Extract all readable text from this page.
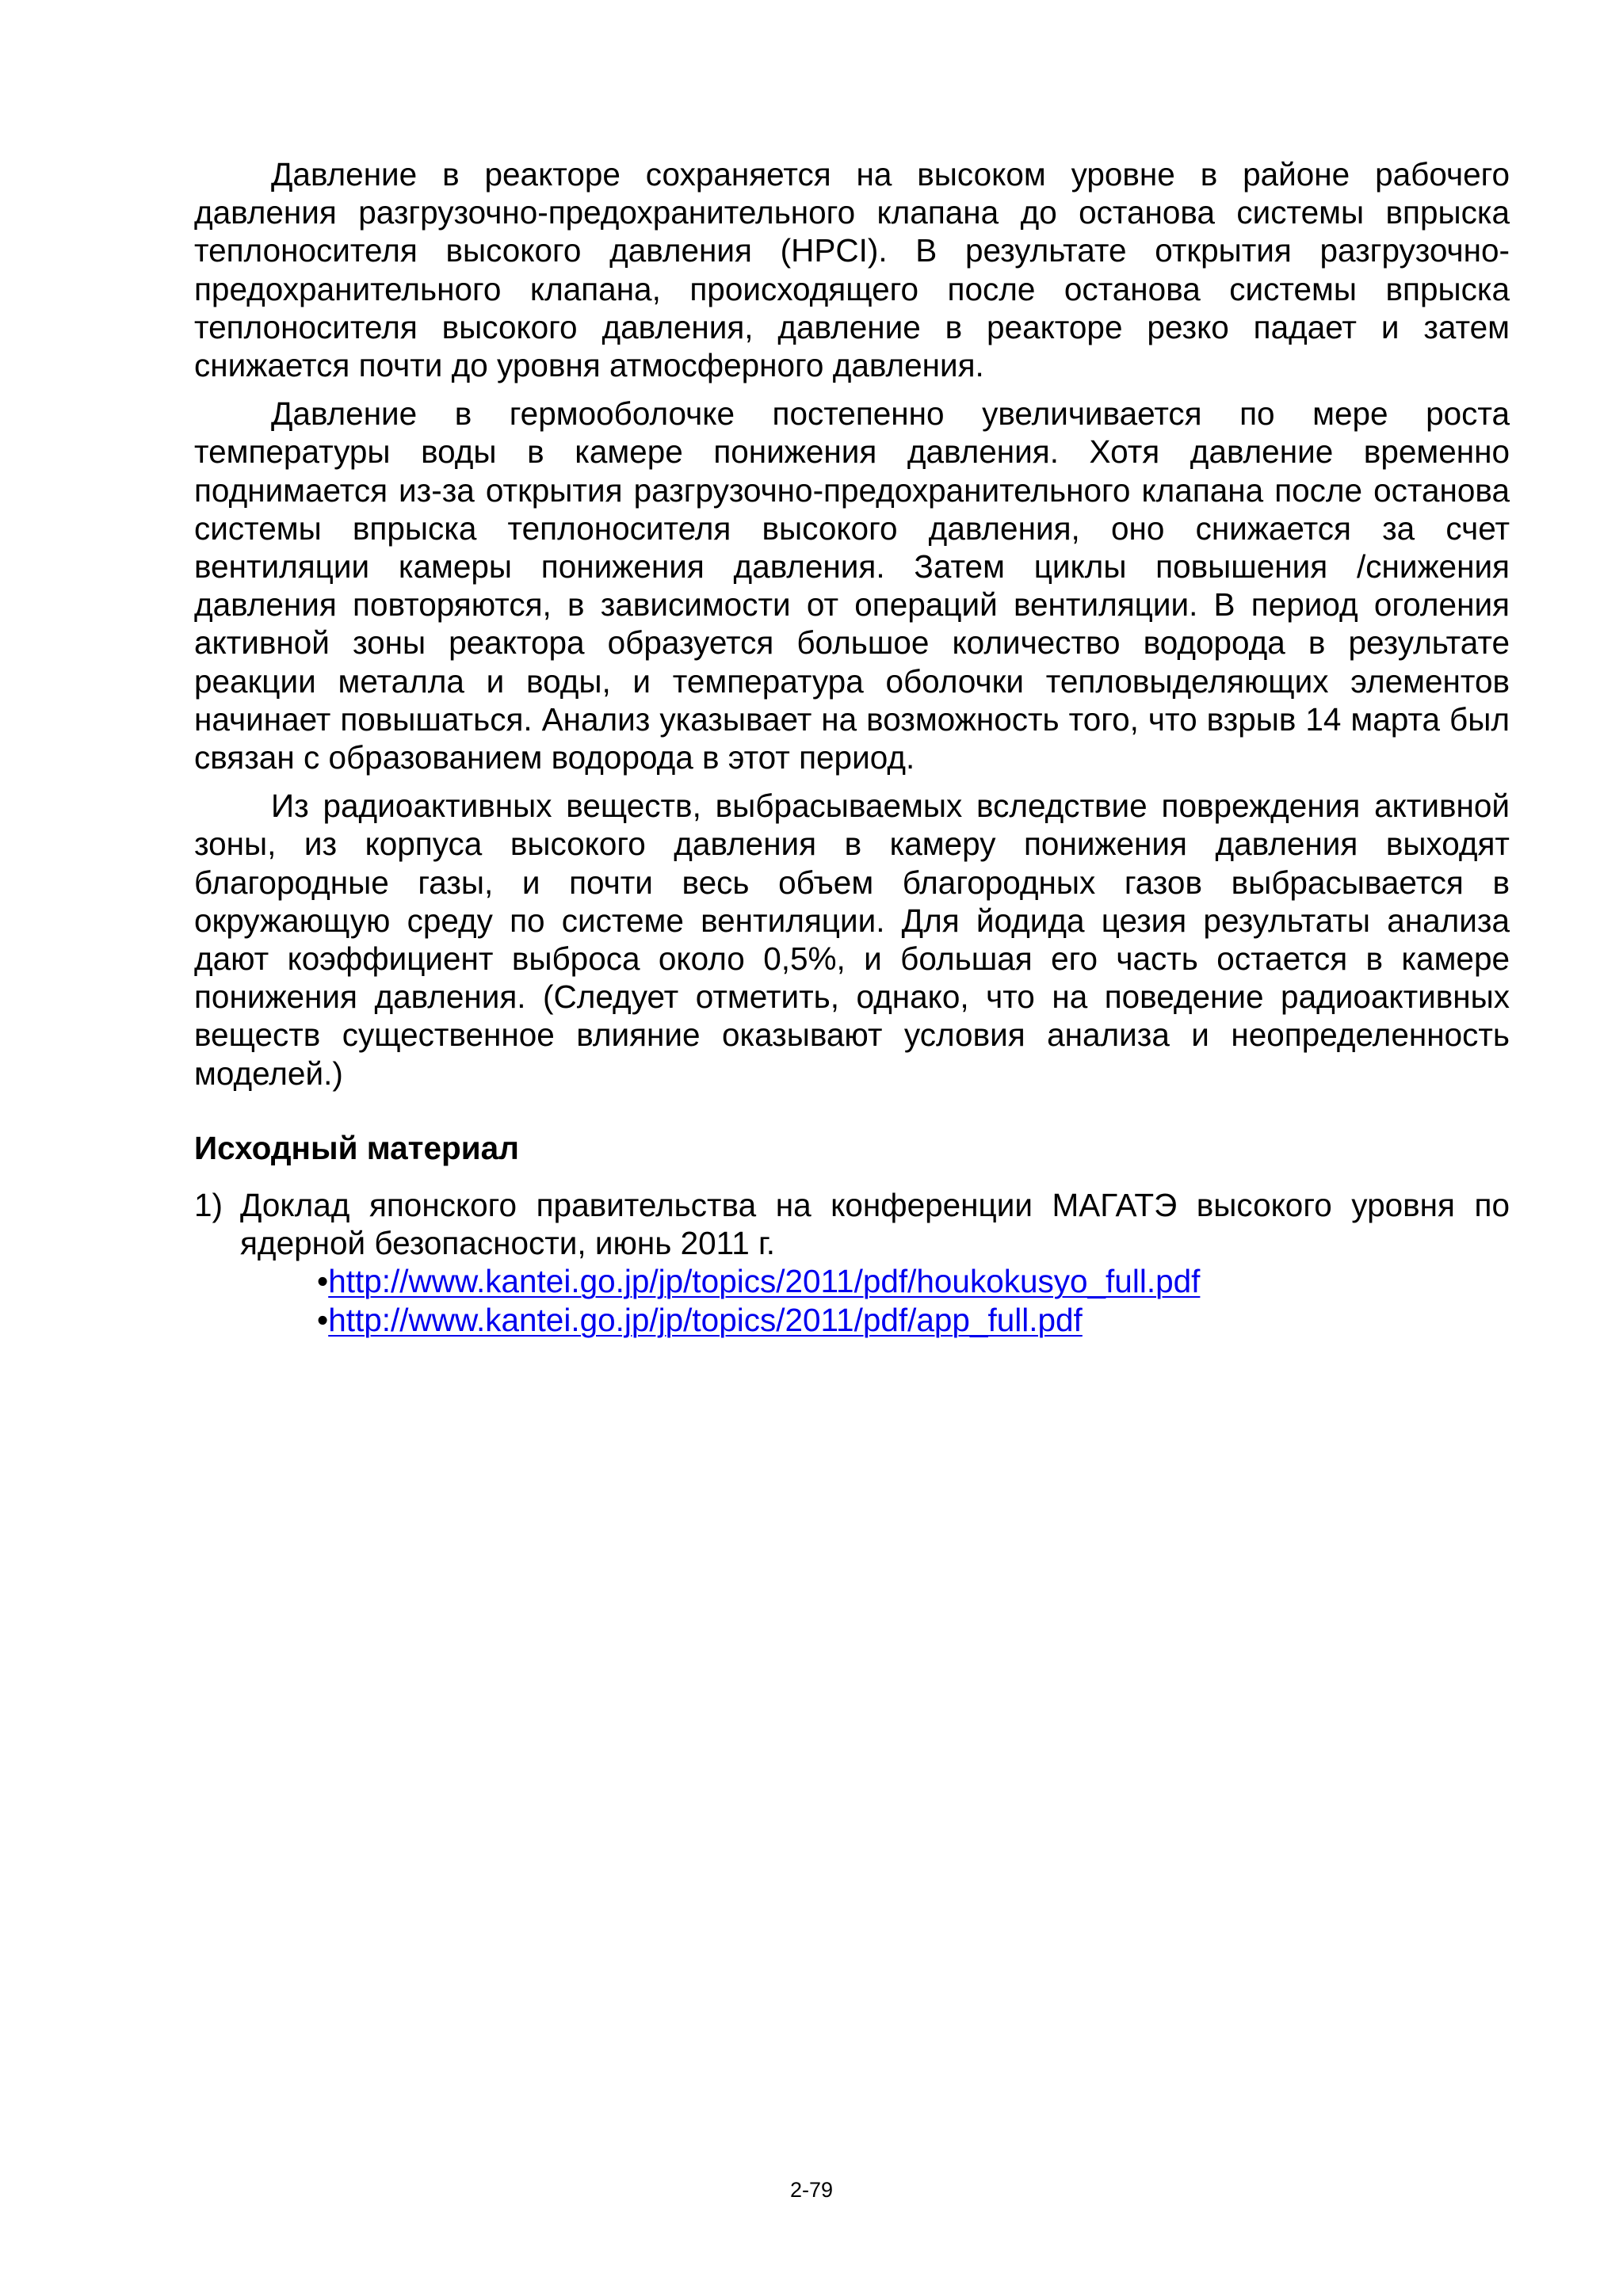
Давление в реакторе сохраняется на высоком уровне в районе рабочего давления разгрузочно-предохранительного клапана до останова системы впрыска теплоносителя высокого давления (HPCI). В результате открытия разгрузочно-предохранительного клапана, происходящего после останова системы впрыска теплоносителя высокого давления, давление в реакторе резко падает и затем снижается почти до уровня атмосферного давления.

Давление в гермооболочке постепенно увеличивается по мере роста температуры воды в камере понижения давления. Хотя давление временно поднимается из-за открытия разгрузочно-предохранительного клапана после останова системы впрыска теплоносителя высокого давления, оно снижается за счет вентиляции камеры понижения давления. Затем циклы повышения /снижения давления повторяются, в зависимости от операций вентиляции. В период оголения активной зоны реактора образуется большое количество водорода в результате реакции металла и воды, и температура оболочки тепловыделяющих элементов начинает повышаться. Анализ указывает на возможность того, что взрыв 14 марта был связан с образованием водорода в этот период.

Из радиоактивных веществ, выбрасываемых вследствие повреждения активной зоны, из корпуса высокого давления в камеру понижения давления выходят благородные газы, и почти весь объем благородных газов выбрасывается в окружающую среду по системе вентиляции. Для йодида цезия результаты анализа дают коэффициент выброса около 0,5%, и большая его часть остается в камере понижения давления. (Следует отметить, однако, что на поведение радиоактивных веществ существенное влияние оказывают условия анализа и неопределенность моделей.)

Исходный материал
1) Доклад японского правительства на конференции МАГАТЭ высокого уровня по ядерной безопасности, июнь 2011 г.
•http://www.kantei.go.jp/jp/topics/2011/pdf/houkokusyo_full.pdf
•http://www.kantei.go.jp/jp/topics/2011/pdf/app_full.pdf
2-79
